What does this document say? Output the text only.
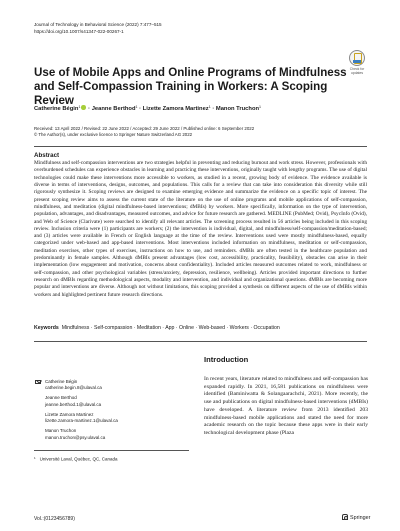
Journal of Technology in Behavioral Science (2022) 7:477–515
https://doi.org/10.1007/s41347-022-00267-1
Check for updates
Use of Mobile Apps and Online Programs of Mindfulness and Self-Compassion Training in Workers: A Scoping Review
Catherine Bégin$^1$ · Jeanne Berthod$^1$ · Lizette Zamora Martinez$^1$ · Manon Truchon$^1$
Received: 13 April 2022 / Revised: 22 June 2022 / Accepted: 29 June 2022 / Published online: 6 September 2022
© The Author(s), under exclusive licence to Springer Nature Switzerland AG 2022
Abstract

Mindfulness and self-compassion interventions are two strategies helpful in preventing and reducing burnout and work stress. However, professionals with overburdened schedules can experience obstacles in learning and practicing these interventions, originally taught with lengthy programs. The use of digital technologies could make these interventions more accessible to workers, as studied in a recent, growing body of evidence. The evidence available is diverse in terms of interventions, designs, outcomes, and populations. This calls for a review that can take into consideration this diversity while still rigorously synthesize it. Scoping reviews are designed to examine emerging evidence and summarize the evidence on a specific topic of interest. The present scoping review aims to assess the current state of the literature on the use of online programs and mobile applications of self-compassion, mindfulness, and meditation (digital mindfulness-based interventions; dMBIs) by workers. More specifically, information on the type of intervention, population, advantages, and disadvantages, measured outcomes, and advice for future research are gathered. MEDLINE (PubMed; Ovid), PsycInfo (Ovid), and Web of Science (Clarivate) were searched to identify all relevant articles. The screening process resulted in 56 articles being included in this scoping review. Inclusion criteria were (1) participants are workers; (2) the intervention is individual, digital, and mindfulness/self-compassion/meditation-based; and (3) articles were available in French or English language at the time of the review. Interventions used were mostly mindfulness-based, equally categorized under web-based and app-based interventions. Most interventions included information on mindfulness, meditation or self-compassion, meditation exercises, other types of exercises, instructions on how to use, and reminders. dMBIs are often tested in the healthcare population and predominantly in female samples. Although dMBIs present advantages (low cost, accessibility, practicality, feasibility), obstacles can arise in their implementation (low engagement and motivation, concerns about confidentiality). Included articles measured outcomes related to work, mindfulness or self-compassion, and other psychological variables (stress/anxiety, depression, resilience, wellbeing). Articles provided important directions to further research on dMBIs regarding methodological aspects, modality and intervention, and individual and organizational questions. dMBIs are becoming more popular and interventions are diverse. Although not without limitations, this scoping provided a synthesis on different aspects of the use of dMBIs within workers and highlighted pertinent future research directions.

Keywords Mindfulness · Self-compassion · Meditation · App · Online · Web-based · Workers · Occupation
Catherine Bégin
catherine.begin.8@ulaval.ca
Jeanne Berthod
jeanne.berthod.1@ulaval.ca
Lizette Zamora Martinez
lizette.zamora-martinez.1@ulaval.ca
Manon Truchon
manon.truchon@psy.ulaval.ca
$^1$ Université Laval, Québec, QC, Canada
Introduction

In recent years, literature related to mindfulness and self-compassion has expanded rapidly. In 2021, 16,581 publications on mindfulness were identified (Baminiwatta & Solangaarachchi, 2021). More recently, the use and publications on digital mindfulness-based interventions (dMBIs) have developed. A literature review from 2013 identified 203 mindfulness-based mobile applications and stated the need for more academic research on the topic because these apps were in their early technological development phase (Plaza

Vol.:(0123456789)	Springer
